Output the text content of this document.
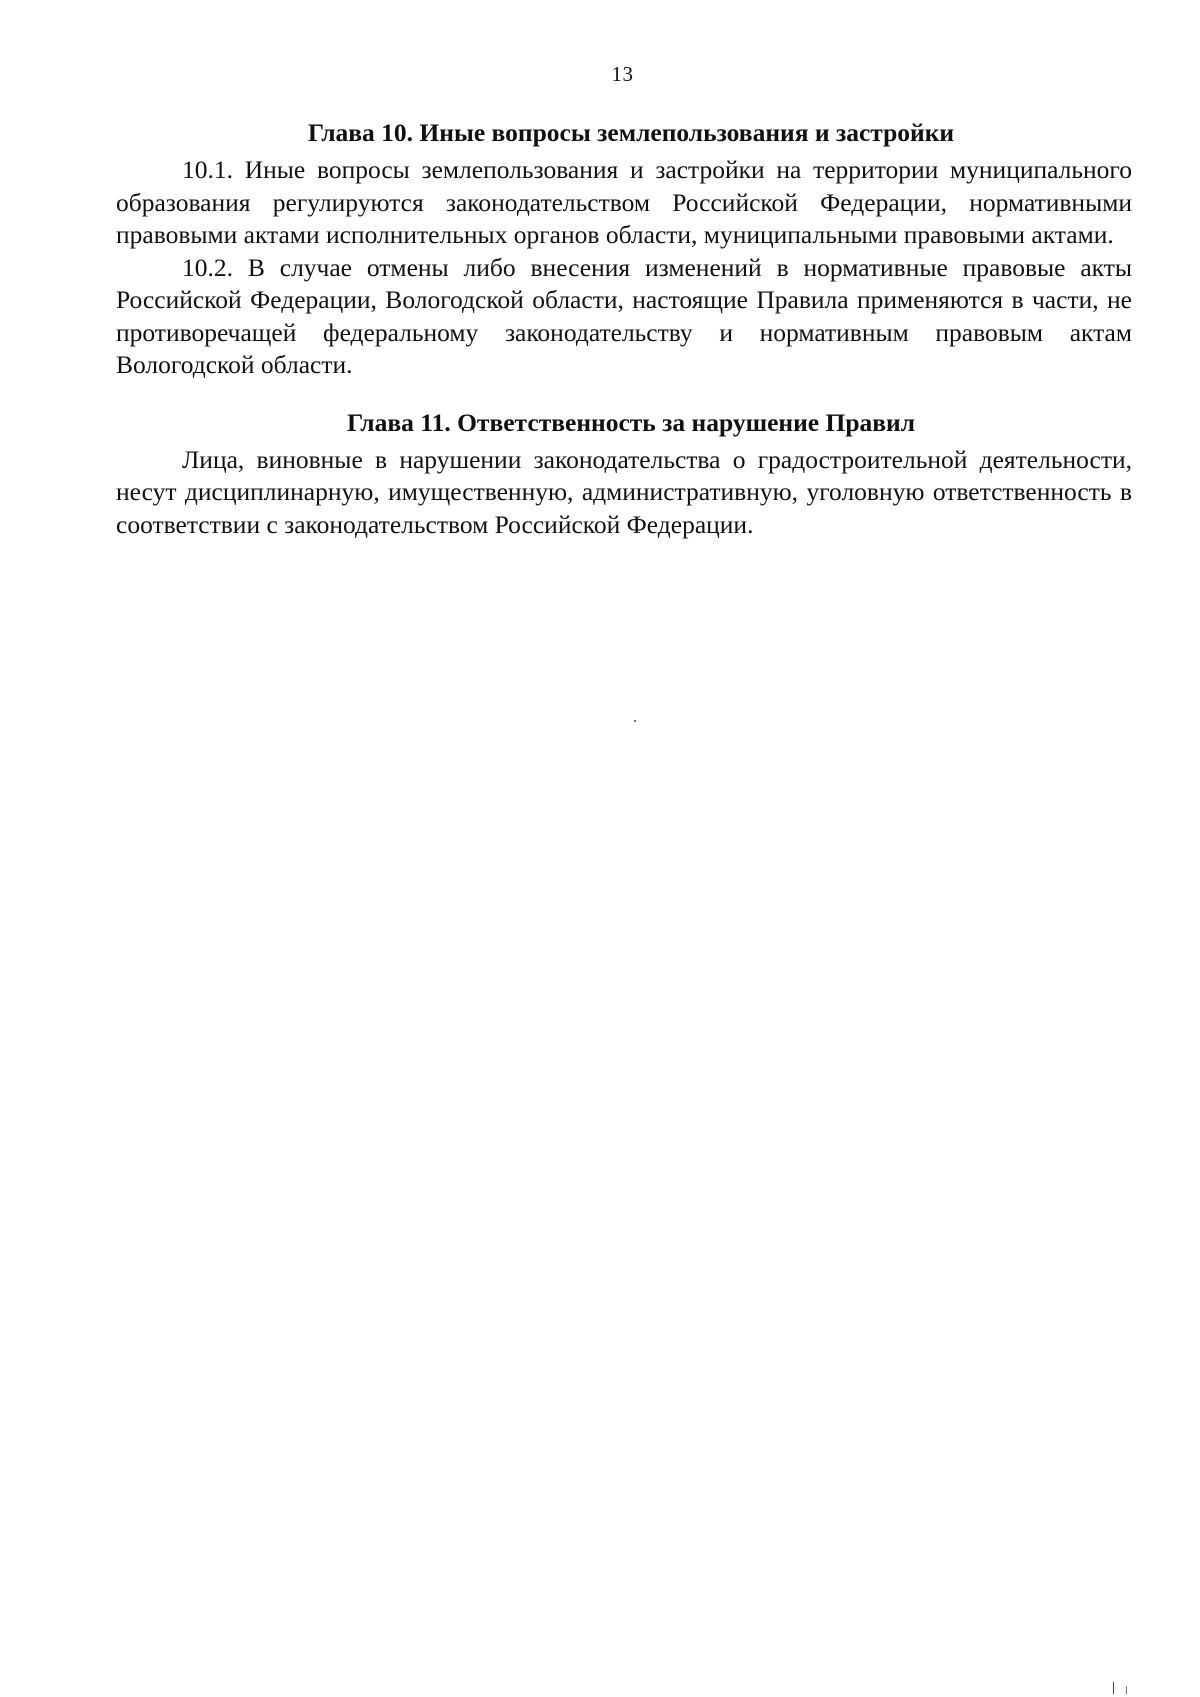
13
Глава 10. Иные вопросы землепользования и застройки

10.1. Иные вопросы землепользования и застройки на территории муниципального образования регулируются законодательством Российской Федерации, нормативными правовыми актами исполнительных органов области, муниципальными правовыми актами.

10.2. В случае отмены либо внесения изменений в нормативные правовые акты Российской Федерации, Вологодской области, настоящие Правила применяются в части, не противоречащей федеральному законодательству и нормативным правовым актам Вологодской области.

Глава 11. Ответственность за нарушение Правил

Лица, виновные в нарушении законодательства о градостроительной деятельности, несут дисциплинарную, имущественную, административную, уголовную ответственность в соответствии с законодательством Российской Федерации.
